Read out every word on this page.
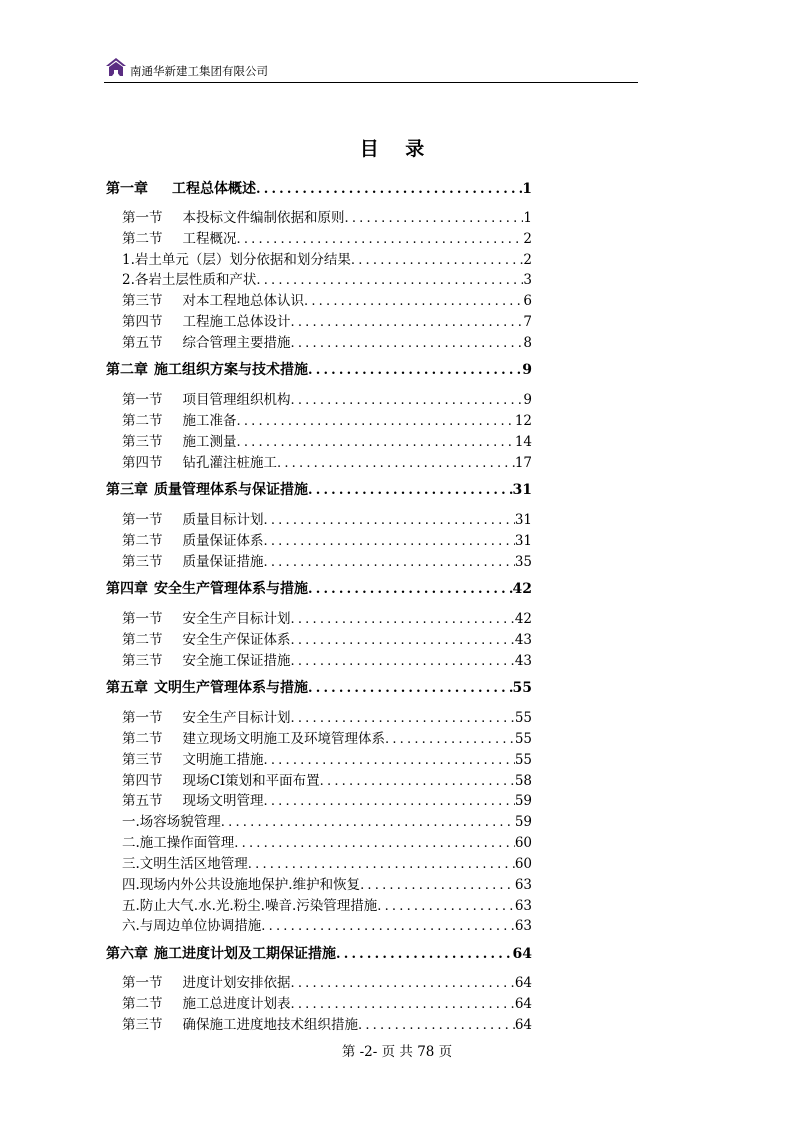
南通华新建工集团有限公司
目 录
第一章 工程总体概述 .....	1
第一节 本投标文件编制依据和原则 .....	1
第二节 工程概况 .....	2
1.岩土单元（层）划分依据和划分结果 .....	2
2.各岩土层性质和产状 .....	3
第三节 对本工程地总体认识 .....	6
第四节 工程施工总体设计 .....	7
第五节 综合管理主要措施 .....	8
第二章 施工组织方案与技术措施 .....	9
第一节 项目管理组织机构 .....	9
第二节 施工准备 .....	12
第三节 施工测量 .....	14
第四节 钻孔灌注桩施工 .....	17
第三章 质量管理体系与保证措施 .....	31
第一节 质量目标计划 .....	31
第二节 质量保证体系 .....	31
第三节 质量保证措施 .....	35
第四章 安全生产管理体系与措施 .....	42
第一节 安全生产目标计划 .....	42
第二节 安全生产保证体系 .....	43
第三节 安全施工保证措施 .....	43
第五章 文明生产管理体系与措施 .....	55
第一节 安全生产目标计划 .....	55
第二节 建立现场文明施工及环境管理体系 .....	55
第三节 文明施工措施 .....	55
第四节 现场CI策划和平面布置 .....	58
第五节 现场文明管理 .....	59
一.场容场貌管理 .....	59
二.施工操作面管理 .....	60
三.文明生活区地管理 .....	60
四.现场内外公共设施地保护.维护和恢复 .....	63
五.防止大气.水.光.粉尘.噪音.污染管理措施 .....	63
六.与周边单位协调措施 .....	63
第六章 施工进度计划及工期保证措施 .....	64
第一节 进度计划安排依据 .....	64
第二节 施工总进度计划表 .....	64
第三节 确保施工进度地技术组织措施 .....	64
第 -2- 页 共 78 页
